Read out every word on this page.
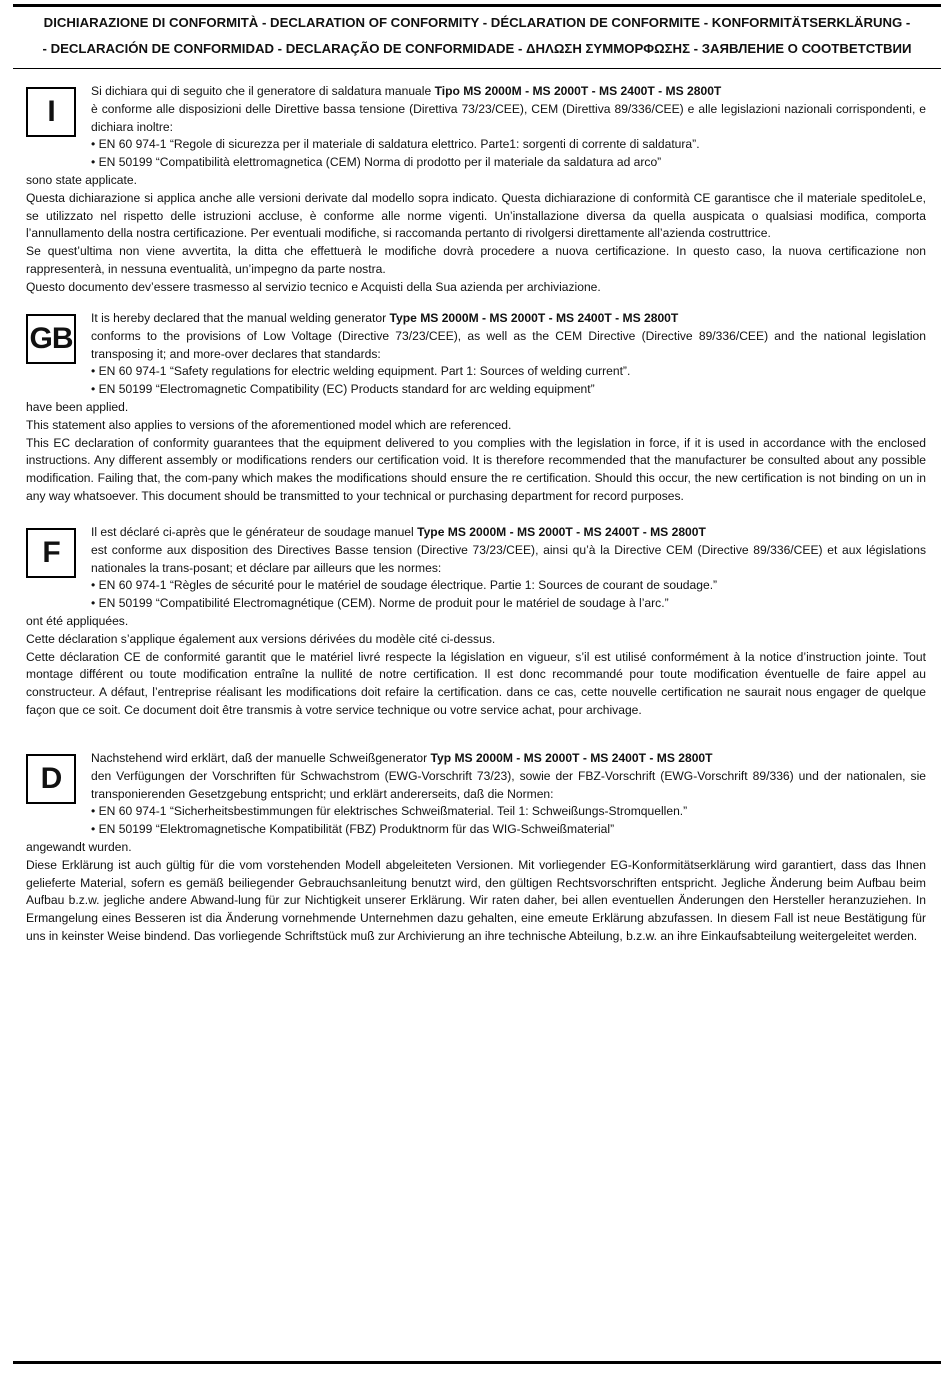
DICHIARAZIONE DI CONFORMITÀ - DECLARATION OF CONFORMITY - DÉCLARATION DE CONFORMITE - KONFORMITÄTSERKLÄRUNG -
- DECLARACIÓN DE CONFORMIDAD - DECLARAÇÃO DE CONFORMIDADE - ΔΗΛΩΣΗ ΣΥΜΜΟΡΦΩΣΗΣ - ЗАЯВЛЕНИЕ О СООТВЕТСТВИИ
I
Si dichiara qui di seguito che il generatore di saldatura manuale Tipo MS 2000M - MS 2000T - MS 2400T - MS 2800T
è conforme alle disposizioni delle Direttive bassa tensione (Direttiva 73/23/CEE), CEM (Direttiva 89/336/CEE) e alle legislazioni nazionali corrispondenti, e dichiara inoltre:
• EN 60 974-1 “Regole di sicurezza per il materiale di saldatura elettrico. Parte1: sorgenti di corrente di saldatura”.
• EN 50199 “Compatibilità elettromagnetica (CEM) Norma di prodotto per il materiale da saldatura ad arco”
sono state applicate.
Questa dichiarazione si applica anche alle versioni derivate dal modello sopra indicato. Questa dichiarazione di conformità CE garantisce che il materiale speditoleLe, se utilizzato nel rispetto delle istruzioni accluse, è conforme alle norme vigenti. Un’installazione diversa da quella auspicata o qualsiasi modifica, comporta l’annullamento della nostra certificazione. Per eventuali modifiche, si raccomanda pertanto di rivolgersi direttamente all’azienda costruttrice.
Se quest’ultima non viene avvertita, la ditta che effettuerà le modifiche dovrà procedere a nuova certificazione. In questo caso, la nuova certificazione non rappresenterà, in nessuna eventualità, un’impegno da parte nostra.
Questo documento dev’essere trasmesso al servizio tecnico e Acquisti della Sua azienda per archiviazione.
GB
It is hereby declared that the manual welding generator Type MS 2000M - MS 2000T - MS 2400T - MS 2800T
conforms to the provisions of Low Voltage (Directive 73/23/CEE), as well as the CEM Directive (Directive 89/336/CEE) and the national legislation transposing it; and more-over declares that standards:
• EN 60 974-1 “Safety regulations for electric welding equipment. Part 1: Sources of welding current”.
• EN 50199 “Electromagnetic Compatibility (EC) Products standard for arc welding equipment”
have been applied.
This statement also applies to versions of the aforementioned model which are referenced.
This EC declaration of conformity guarantees that the equipment delivered to you complies with the legislation in force, if it is used in accordance with the enclosed instructions. Any different assembly or modifications renders our certification void. It is therefore recommended that the manufacturer be consulted about any possible modification. Failing that, the com-pany which makes the modifications should ensure the re certification. Should this occur, the new certification is not binding on un in any way whatsoever. This document should be transmitted to your technical or purchasing department for record purposes.
F
Il est déclaré ci-après que le générateur de soudage manuel Type MS 2000M - MS 2000T - MS 2400T - MS 2800T
est conforme aux disposition des Directives Basse tension (Directive 73/23/CEE), ainsi qu’à la Directive CEM (Directive 89/336/CEE) et aux législations nationales la trans-posant; et déclare par ailleurs que les normes:
• EN 60 974-1 “Règles de sécurité pour le matériel de soudage électrique. Partie 1: Sources de courant de soudage.”
• EN 50199 “Compatibilité Electromagnétique (CEM). Norme de produit pour le matériel de soudage à l’arc.”
ont été appliquées.
Cette déclaration s’applique également aux versions dérivées du modèle cité ci-dessus.
Cette déclaration CE de conformité garantit que le matériel livré respecte la législation en vigueur, s’il est utilisé conformément à la notice d’instruction jointe. Tout montage différent ou toute modification entraîne la nullité de notre certification. Il est donc recommandé pour toute modification éventuelle de faire appel au constructeur. A défaut, l’entreprise réalisant les modifications doit refaire la certification. dans ce cas, cette nouvelle certification ne saurait nous engager de quelque façon que ce soit. Ce document doit être transmis à votre service technique ou votre service achat, pour archivage.
D
Nachstehend wird erklärt, daß der manuelle Schweißgenerator Typ MS 2000M - MS 2000T - MS 2400T - MS 2800T
den Verfügungen der Vorschriften für Schwachstrom (EWG-Vorschrift 73/23), sowie der FBZ-Vorschrift (EWG-Vorschrift 89/336) und der nationalen, sie transponierenden Gesetzgebung entspricht; und erklärt andererseits, daß die Normen:
• EN 60 974-1 “Sicherheitsbestimmungen für elektrisches Schweißmaterial. Teil 1: Schweißungs-Stromquellen.”
• EN 50199 “Elektromagnetische Kompatibilität (FBZ) Produktnorm für das WIG-Schweißmaterial”
angewandt wurden.
Diese Erklärung ist auch gültig für die vom vorstehenden Modell abgeleiteten Versionen. Mit vorliegender EG-Konformitätserklärung wird garantiert, dass das Ihnen gelieferte Material, sofern es gemäß beiliegender Gebrauchsanleitung benutzt wird, den gültigen Rechtsvorschriften entspricht. Jegliche Änderung beim Aufbau beim Aufbau b.z.w. jegliche andere Abwand-lung für zur Nichtigkeit unserer Erklärung. Wir raten daher, bei allen eventuellen Änderungen den Hersteller heranzuziehen. In Ermangelung eines Besseren ist dia Änderung vornehmende Unternehmen dazu gehalten, eine emeute Erklärung abzufassen. In diesem Fall ist neue Bestätigung für uns in keinster Weise bindend. Das vorliegende Schriftstück muß zur Archivierung an ihre technische Abteilung, b.z.w. an ihre Einkaufsabteilung weitergeleitet werden.
